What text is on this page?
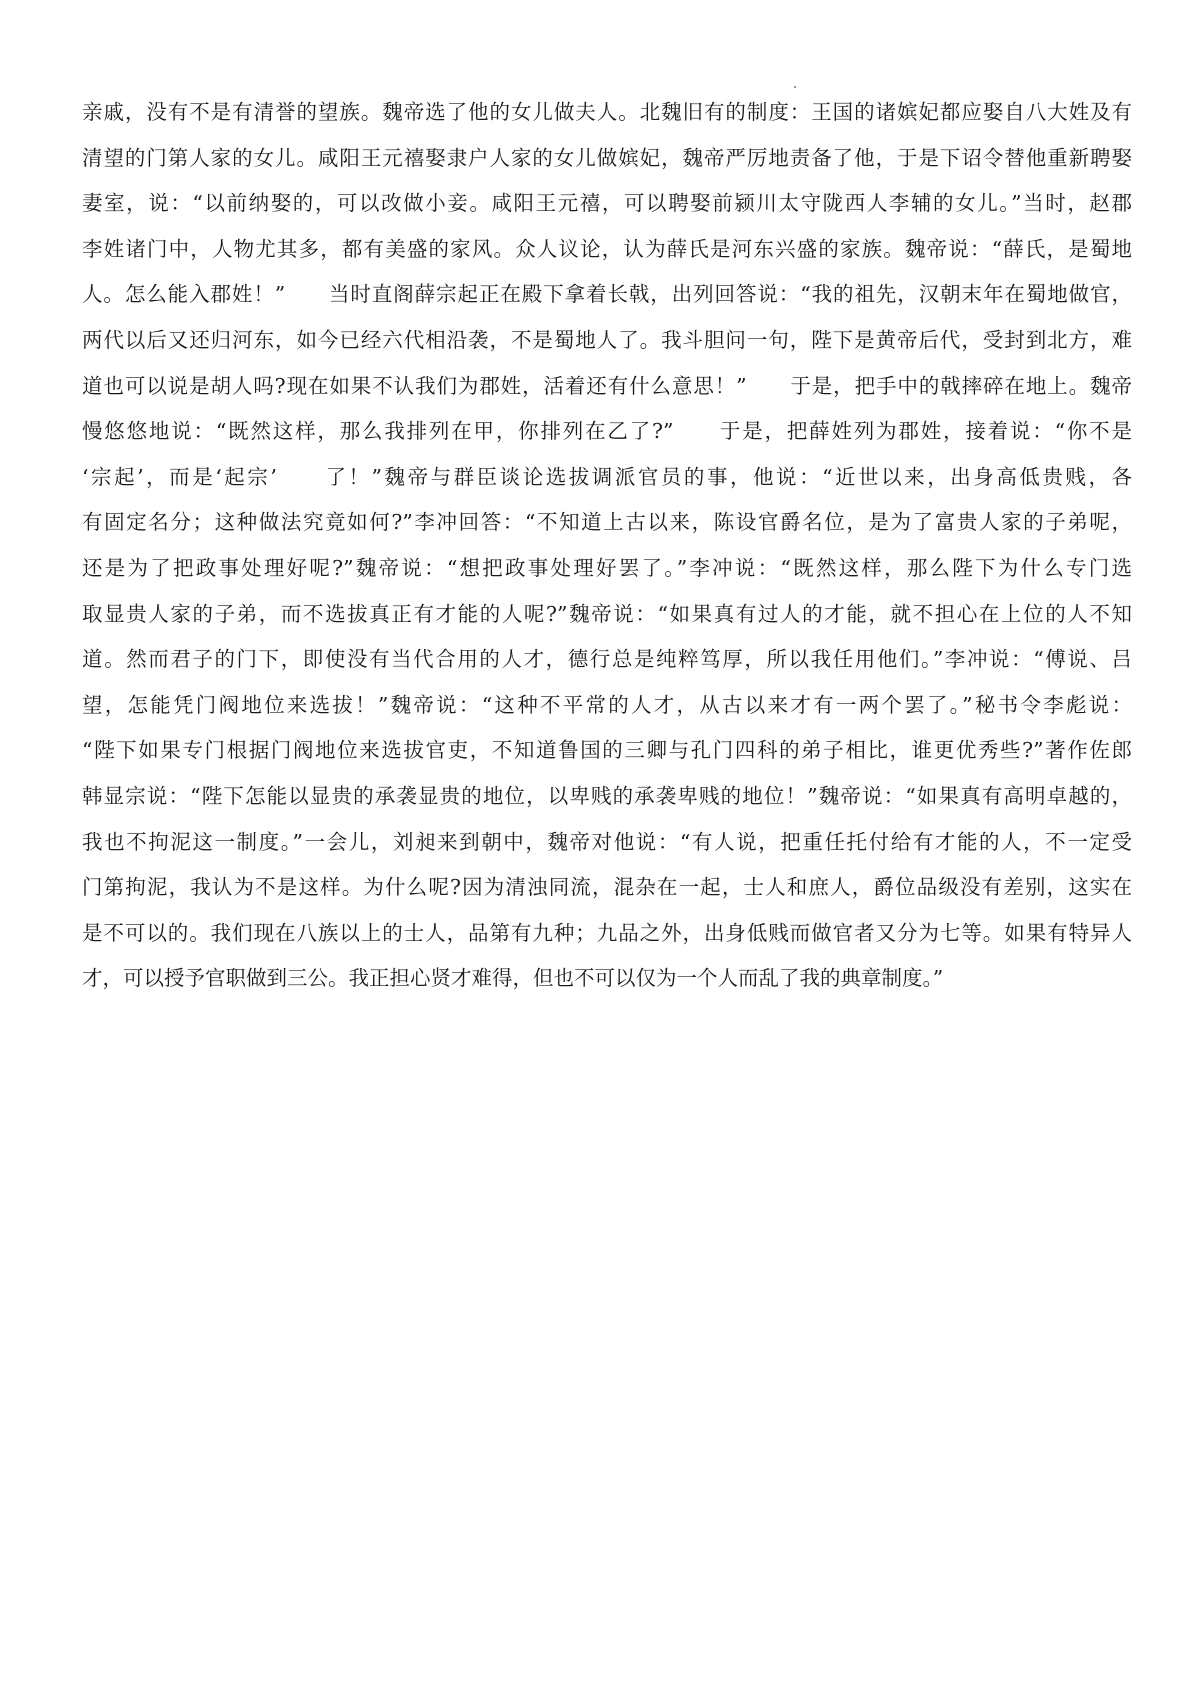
亲戚，没有不是有清誉的望族。魏帝选了他的女儿做夫人。北魏旧有的制度：王国的诸嫔妃都应娶自八大姓及有
清望的门第人家的女儿。咸阳王元禧娶隶户人家的女儿做嫔妃，魏帝严厉地责备了他，于是下诏令替他重新聘娶
妻室，说：“以前纳娶的，可以改做小妾。咸阳王元禧，可以聘娶前颍川太守陇西人李辅的女儿。”当时，赵郡
李姓诸门中，人物尤其多，都有美盛的家风。众人议论，认为薛氏是河东兴盛的家族。魏帝说：“薛氏，是蜀地
人。怎么能入郡姓！”　　当时直阁薛宗起正在殿下拿着长戟，出列回答说：“我的祖先，汉朝末年在蜀地做官，
两代以后又还归河东，如今已经六代相沿袭，不是蜀地人了。我斗胆问一句，陛下是黄帝后代，受封到北方，难
道也可以说是胡人吗?现在如果不认我们为郡姓，活着还有什么意思！”　　于是，把手中的戟摔碎在地上。魏帝
慢悠悠地说：“既然这样，那么我排列在甲，你排列在乙了?”　　于是，把薛姓列为郡姓，接着说：“你不是
‘宗起’，而是‘起宗’　　了！”魏帝与群臣谈论选拔调派官员的事，他说：“近世以来，出身高低贵贱，各
有固定名分；这种做法究竟如何?”李冲回答：“不知道上古以来，陈设官爵名位，是为了富贵人家的子弟呢，
还是为了把政事处理好呢?”魏帝说：“想把政事处理好罢了。”李冲说：“既然这样，那么陛下为什么专门选
取显贵人家的子弟，而不选拔真正有才能的人呢?”魏帝说：“如果真有过人的才能，就不担心在上位的人不知
道。然而君子的门下，即使没有当代合用的人才，德行总是纯粹笃厚，所以我任用他们。”李冲说：“傅说、吕
望，怎能凭门阀地位来选拔！”魏帝说：“这种不平常的人才，从古以来才有一两个罢了。”秘书令李彪说：
“陛下如果专门根据门阀地位来选拔官吏，不知道鲁国的三卿与孔门四科的弟子相比，谁更优秀些?”著作佐郎
韩显宗说：“陛下怎能以显贵的承袭显贵的地位，以卑贱的承袭卑贱的地位！”魏帝说：“如果真有高明卓越的，
我也不拘泥这一制度。”一会儿，刘昶来到朝中，魏帝对他说：“有人说，把重任托付给有才能的人，不一定受
门第拘泥，我认为不是这样。为什么呢?因为清浊同流，混杂在一起，士人和庶人，爵位品级没有差别，这实在
是不可以的。我们现在八族以上的士人，品第有九种；九品之外，出身低贱而做官者又分为七等。如果有特异人
才，可以授予官职做到三公。我正担心贤才难得，但也不可以仅为一个人而乱了我的典章制度。”
